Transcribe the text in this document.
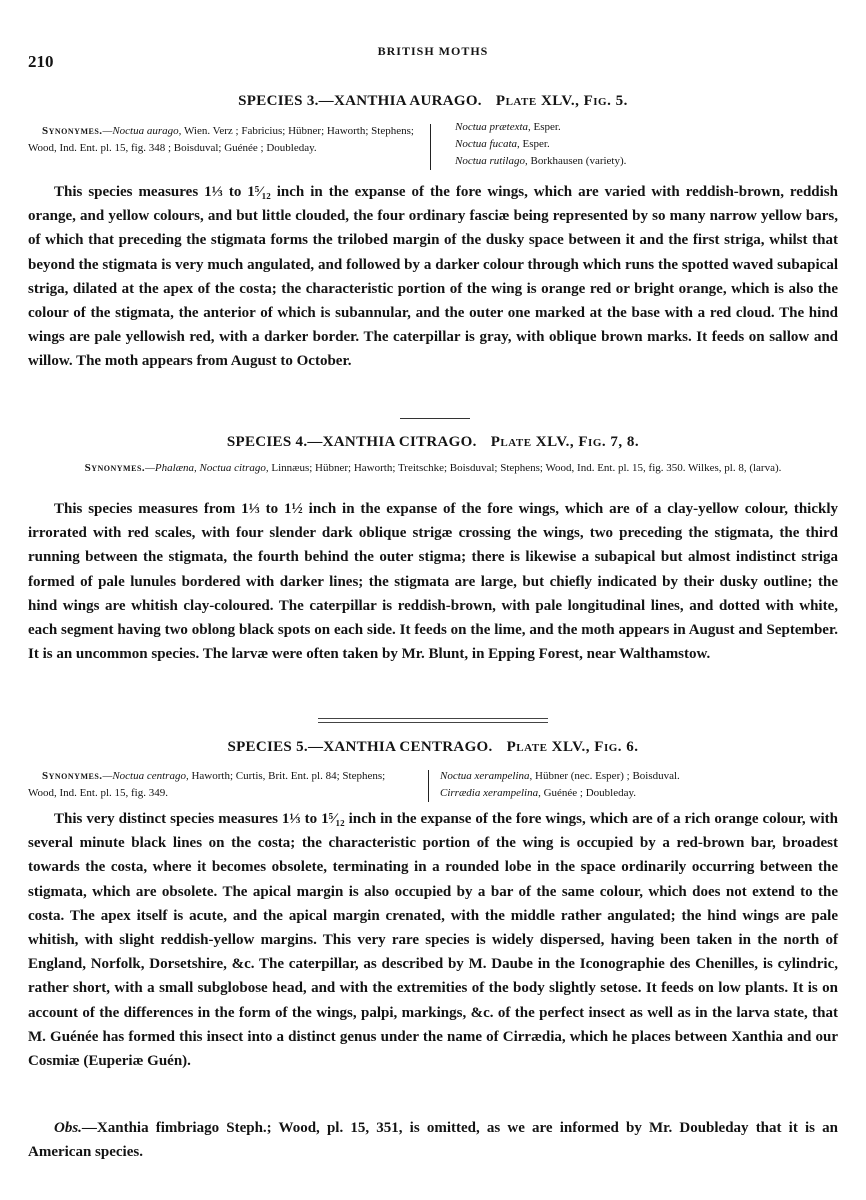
210
BRITISH MOTHS
SPECIES 3.—XANTHIA AURAGO. Plate XLV., Fig. 5.
Synonymes.—Noctua aurago, Wien. Verz ; Fabricius; Hübner; Haworth; Stephens; Wood, Ind. Ent. pl. 15, fig. 348 ; Boisduval; Guénée ; Doubleday.
Noctua prætexta, Esper.
Noctua fucata, Esper.
Noctua rutilago, Borkhausen (variety).
This species measures 1⅓ to 1⁵⁄₁₂ inch in the expanse of the fore wings, which are varied with reddish-brown, reddish orange, and yellow colours, and but little clouded, the four ordinary fasciæ being represented by so many narrow yellow bars, of which that preceding the stigmata forms the trilobed margin of the dusky space between it and the first striga, whilst that beyond the stigmata is very much angulated, and followed by a darker colour through which runs the spotted waved subapical striga, dilated at the apex of the costa; the characteristic portion of the wing is orange red or bright orange, which is also the colour of the stigmata, the anterior of which is subannular, and the outer one marked at the base with a red cloud. The hind wings are pale yellowish red, with a darker border. The caterpillar is gray, with oblique brown marks. It feeds on sallow and willow. The moth appears from August to October.
SPECIES 4.—XANTHIA CITRAGO. Plate XLV., Fig. 7, 8.
Synonymes.—Phalæna, Noctua citrago, Linnæus; Hübner; Haworth; Treitschke; Boisduval; Stephens; Wood, Ind. Ent. pl. 15, fig. 350. Wilkes, pl. 8, (larva).
This species measures from 1⅓ to 1½ inch in the expanse of the fore wings, which are of a clay-yellow colour, thickly irrorated with red scales, with four slender dark oblique strigæ crossing the wings, two preceding the stigmata, the third running between the stigmata, the fourth behind the outer stigma; there is likewise a subapical but almost indistinct striga formed of pale lunules bordered with darker lines; the stigmata are large, but chiefly indicated by their dusky outline; the hind wings are whitish clay-coloured. The caterpillar is reddish-brown, with pale longitudinal lines, and dotted with white, each segment having two oblong black spots on each side. It feeds on the lime, and the moth appears in August and September. It is an uncommon species. The larvæ were often taken by Mr. Blunt, in Epping Forest, near Walthamstow.
SPECIES 5.—XANTHIA CENTRAGO. Plate XLV., Fig. 6.
Synonymes.—Noctua centrago, Haworth; Curtis, Brit. Ent. pl. 84; Stephens; Wood, Ind. Ent. pl. 15, fig. 349.
Noctua xerampelina, Hübner (nec. Esper) ; Boisduval.
Cirrædia xerampelina, Guénée ; Doubleday.
This very distinct species measures 1⅓ to 1⁵⁄₁₂ inch in the expanse of the fore wings, which are of a rich orange colour, with several minute black lines on the costa; the characteristic portion of the wing is occupied by a red-brown bar, broadest towards the costa, where it becomes obsolete, terminating in a rounded lobe in the space ordinarily occurring between the stigmata, which are obsolete. The apical margin is also occupied by a bar of the same colour, which does not extend to the costa. The apex itself is acute, and the apical margin crenated, with the middle rather angulated; the hind wings are pale whitish, with slight reddish-yellow margins. This very rare species is widely dispersed, having been taken in the north of England, Norfolk, Dorsetshire, &c. The caterpillar, as described by M. Daube in the Iconographie des Chenilles, is cylindric, rather short, with a small subglobose head, and with the extremities of the body slightly setose. It feeds on low plants. It is on account of the differences in the form of the wings, palpi, markings, &c. of the perfect insect as well as in the larva state, that M. Guénée has formed this insect into a distinct genus under the name of Cirrædia, which he places between Xanthia and our Cosmiæ (Euperiæ Guén).
Obs.—Xanthia fimbriago Steph.; Wood, pl. 15, 351, is omitted, as we are informed by Mr. Doubleday that it is an American species.
